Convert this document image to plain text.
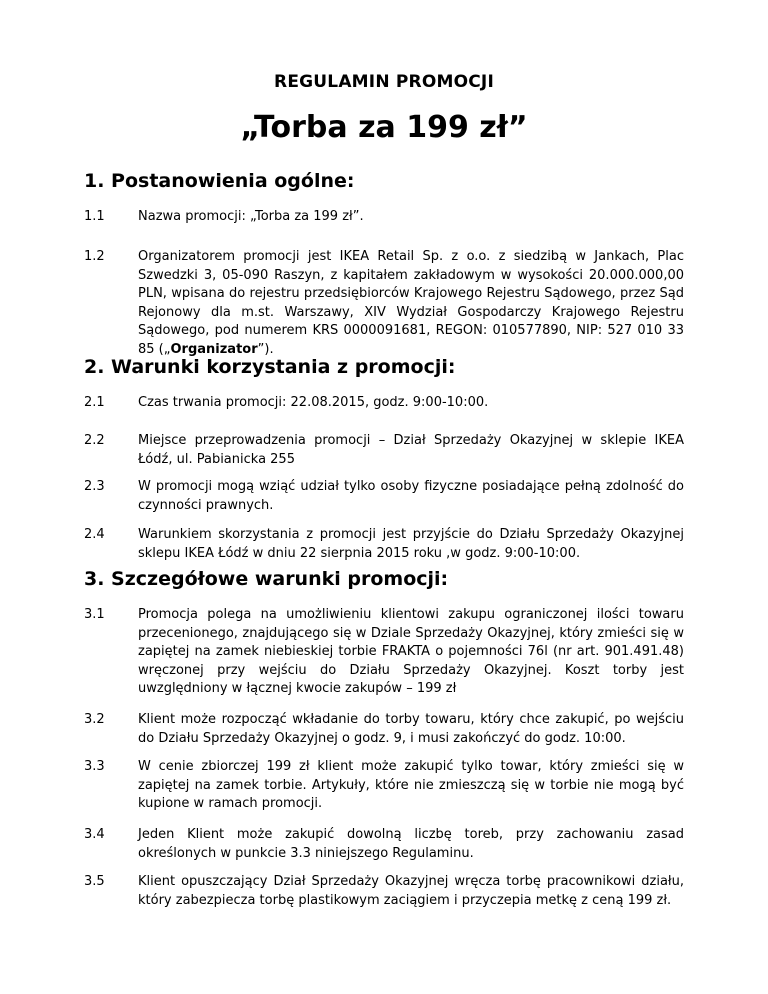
REGULAMIN PROMOCJI
„Torba za 199 zł”
1. Postanowienia ogólne:
1.1	Nazwa promocji: „Torba za 199 zł”.
1.2	Organizatorem promocji jest IKEA Retail Sp. z o.o. z siedzibą w Jankach, Plac Szwedzki 3, 05-090 Raszyn, z kapitałem zakładowym w wysokości 20.000.000,00 PLN, wpisana do rejestru przedsiębiorców Krajowego Rejestru Sądowego, przez Sąd Rejonowy dla m.st. Warszawy, XIV Wydział Gospodarczy Krajowego Rejestru Sądowego, pod numerem KRS 0000091681, REGON: 010577890, NIP: 527 010 33 85 („Organizator”).
2. Warunki korzystania z promocji:
2.1	Czas trwania promocji: 22.08.2015, godz. 9:00-10:00.
2.2	Miejsce przeprowadzenia promocji – Dział Sprzedaży Okazyjnej w sklepie IKEA Łódź, ul. Pabianicka 255
2.3	W promocji mogą wziąć udział tylko osoby fizyczne posiadające pełną zdolność do czynności prawnych.
2.4	Warunkiem skorzystania z promocji jest przyjście do Działu Sprzedaży Okazyjnej sklepu IKEA Łódź w dniu 22 sierpnia 2015 roku ,w godz. 9:00-10:00.
3. Szczegółowe warunki promocji:
3.1	Promocja polega na umożliwieniu klientowi zakupu ograniczonej ilości towaru przecenionego, znajdującego się w Dziale Sprzedaży Okazyjnej, który zmieści się w zapiętej na zamek niebieskiej torbie FRAKTA o pojemności 76l (nr art. 901.491.48) wręczonej przy wejściu do Działu Sprzedaży Okazyjnej. Koszt torby jest uwzględniony w łącznej kwocie zakupów – 199 zł
3.2	Klient może rozpocząć wkładanie do torby towaru, który chce zakupić, po wejściu do Działu Sprzedaży Okazyjnej o godz. 9, i musi zakończyć do godz. 10:00.
3.3	W cenie zbiorczej 199 zł klient może zakupić tylko towar, który zmieści się w zapiętej na zamek torbie. Artykuły, które nie zmieszczą się w torbie nie mogą być kupione w ramach promocji.
3.4	Jeden Klient może zakupić dowolną liczbę toreb, przy zachowaniu zasad określonych w punkcie 3.3 niniejszego Regulaminu.
3.5	Klient opuszczający Dział Sprzedaży Okazyjnej wręcza torbę pracownikowi działu, który zabezpiecza torbę plastikowym zaciągiem i przyczepia metkę z ceną 199 zł.
